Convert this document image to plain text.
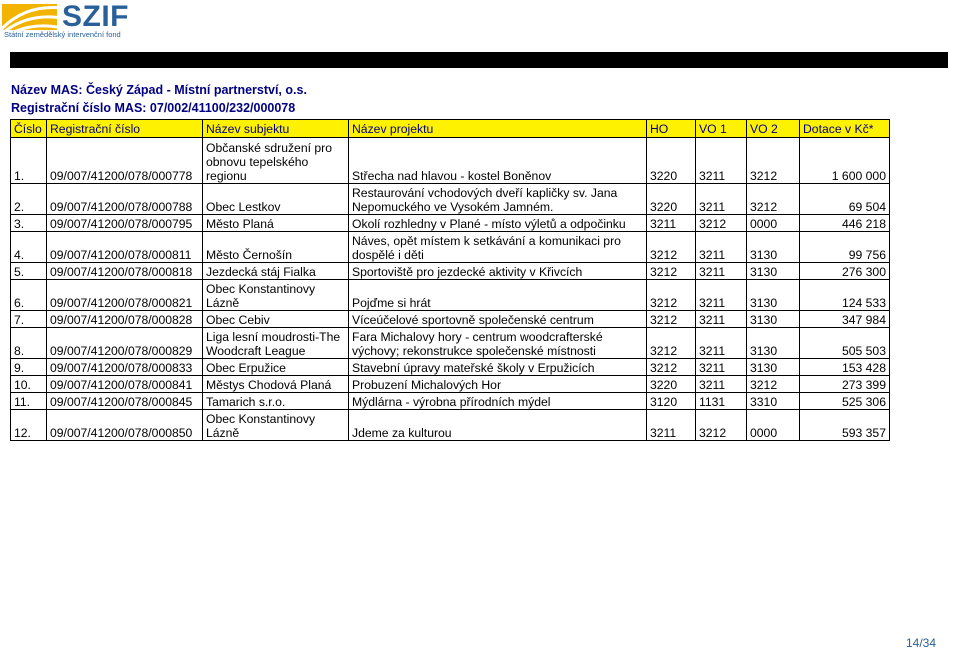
SZIF
Státní zemědělský intervenční fond
Název MAS: Český Západ - Místní partnerství, o.s.
Registrační číslo MAS: 07/002/41100/232/000078
Číslo	Registrační číslo	Název subjektu	Název projektu	HO	VO 1	VO 2	Dotace v Kč*
1.	09/007/41200/078/000778	Občanské sdružení pro obnovu tepelského regionu	Střecha nad hlavou - kostel Boněnov	3220	3211	3212	1 600 000
2.	09/007/41200/078/000788	Obec Lestkov	Restaurování vchodových dveří kapličky sv. Jana Nepomuckého ve Vysokém Jamném.	3220	3211	3212	69 504
3.	09/007/41200/078/000795	Město Planá	Okolí rozhledny v Plané - místo výletů a odpočinku	3211	3212	0000	446 218
4.	09/007/41200/078/000811	Město Černošín	Náves, opět místem k setkávání a komunikaci pro dospělé i děti	3212	3211	3130	99 756
5.	09/007/41200/078/000818	Jezdecká stáj Fialka	Sportoviště pro jezdecké aktivity v Křivcích	3212	3211	3130	276 300
6.	09/007/41200/078/000821	Obec Konstantinovy Lázně	Pojďme si hrát	3212	3211	3130	124 533
7.	09/007/41200/078/000828	Obec Cebiv	Víceúčelové sportovně společenské centrum	3212	3211	3130	347 984
8.	09/007/41200/078/000829	Liga lesní moudrosti-The Woodcraft League	Fara Michalovy hory - centrum woodcrafterské výchovy; rekonstrukce společenské místnosti	3212	3211	3130	505 503
9.	09/007/41200/078/000833	Obec Erpužice	Stavební úpravy mateřské školy v Erpužicích	3212	3211	3130	153 428
10.	09/007/41200/078/000841	Městys Chodová Planá	Probuzení Michalových Hor	3220	3211	3212	273 399
11.	09/007/41200/078/000845	Tamarich s.r.o.	Mýdlárna - výrobna přírodních mýdel	3120	1131	3310	525 306
12.	09/007/41200/078/000850	Obec Konstantinovy Lázně	Jdeme za kulturou	3211	3212	0000	593 357
14/34
